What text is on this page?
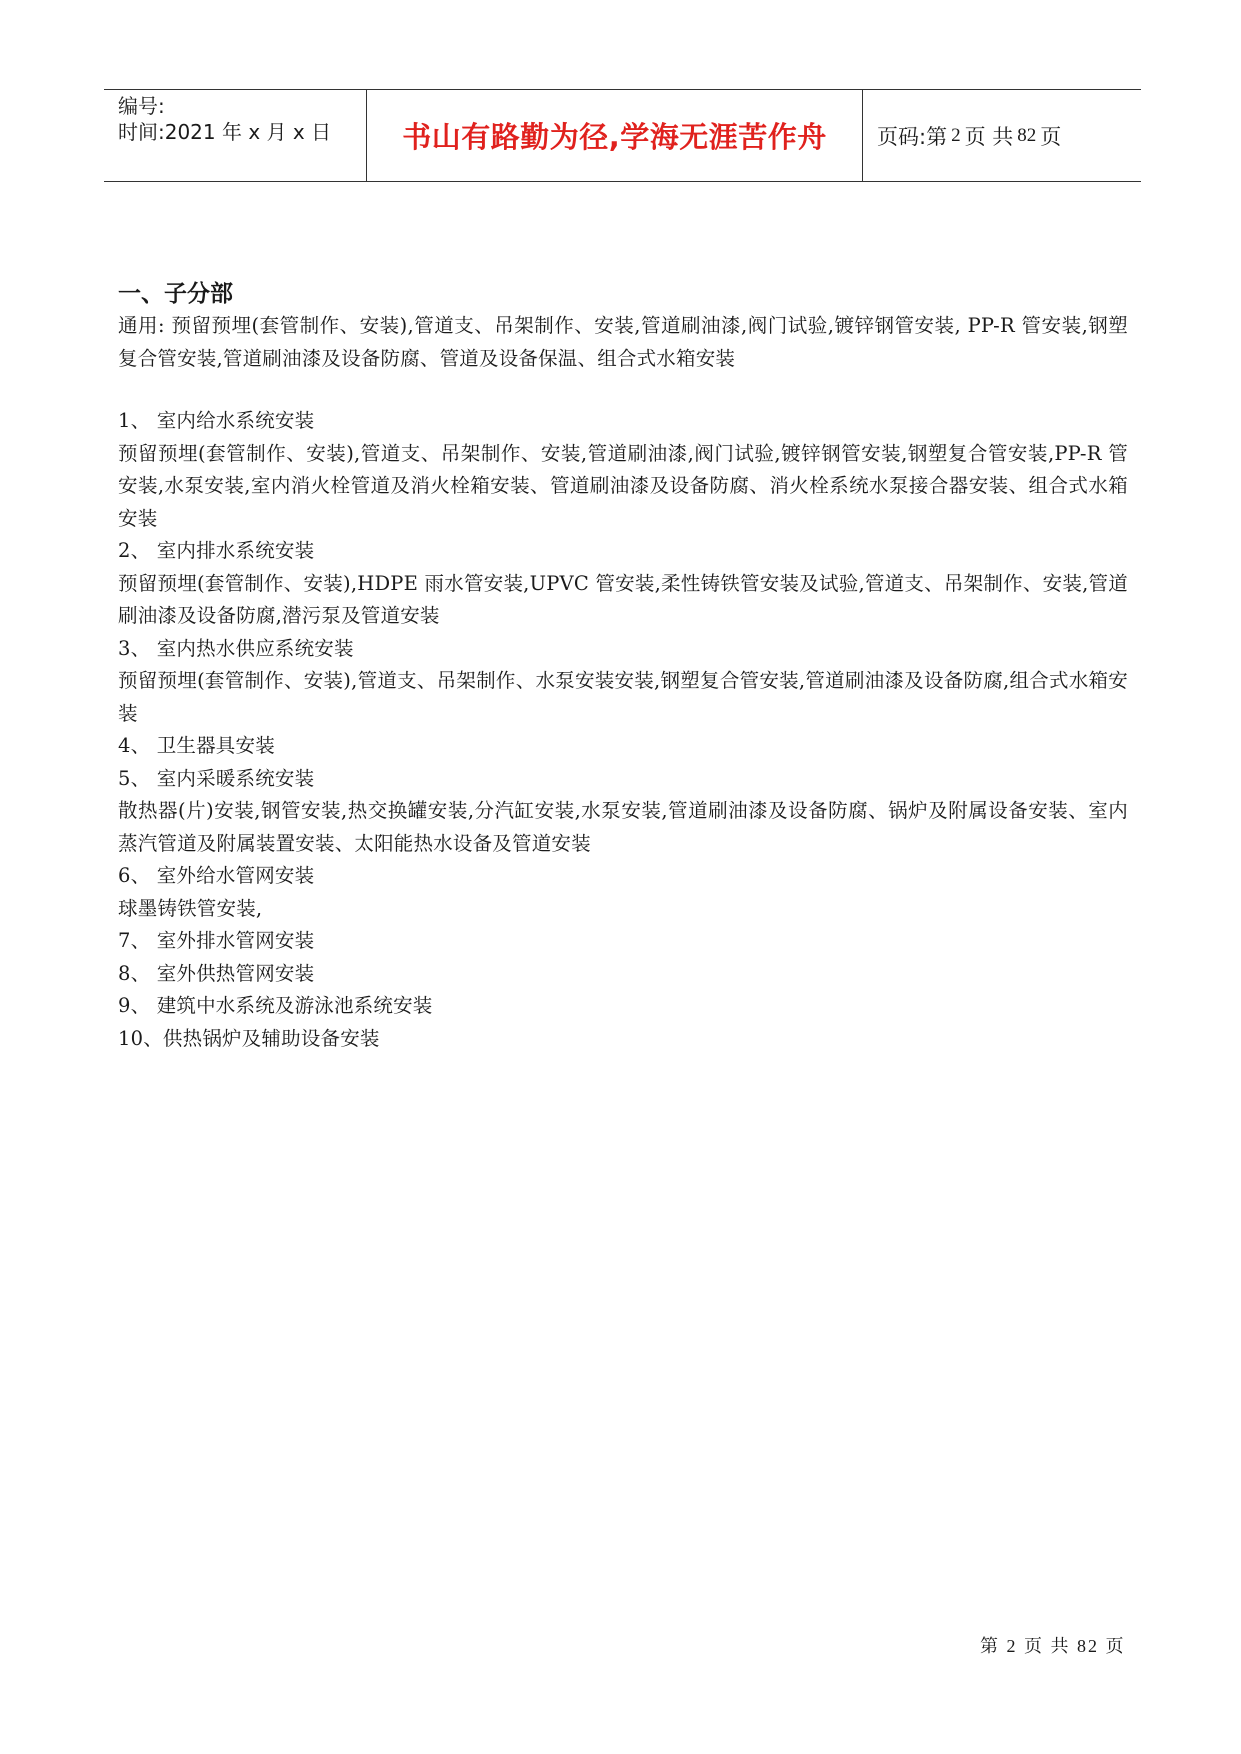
编号:
时间:2021 年 x 月 x 日	书山有路勤为径,学海无涯苦作舟 页码:第 2 页 共 82 页
一、子分部

通用: 预留预埋(套管制作、安装),管道支、吊架制作、安装,管道刷油漆,阀门试验,镀锌钢管安装, PP-R 管安装,钢塑复合管安装,管道刷油漆及设备防腐、管道及设备保温、组合式水箱安装

1、 室内给水系统安装

预留预埋(套管制作、安装),管道支、吊架制作、安装,管道刷油漆,阀门试验,镀锌钢管安装,钢塑复合管安装,PP-R 管安装,水泵安装,室内消火栓管道及消火栓箱安装、管道刷油漆及设备防腐、消火栓系统水泵接合器安装、组合式水箱安装

2、 室内排水系统安装

预留预埋(套管制作、安装),HDPE 雨水管安装,UPVC 管安装,柔性铸铁管安装及试验,管道支、吊架制作、安装,管道刷油漆及设备防腐,潜污泵及管道安装

3、 室内热水供应系统安装

预留预埋(套管制作、安装),管道支、吊架制作、水泵安装安装,钢塑复合管安装,管道刷油漆及设备防腐,组合式水箱安装

4、 卫生器具安装

5、 室内采暖系统安装

散热器(片)安装,钢管安装,热交换罐安装,分汽缸安装,水泵安装,管道刷油漆及设备防腐、锅炉及附属设备安装、室内蒸汽管道及附属装置安装、太阳能热水设备及管道安装

6、 室外给水管网安装

球墨铸铁管安装,

7、 室外排水管网安装

8、 室外供热管网安装

9、 建筑中水系统及游泳池系统安装

10、供热锅炉及辅助设备安装

第 2 页 共 82 页
